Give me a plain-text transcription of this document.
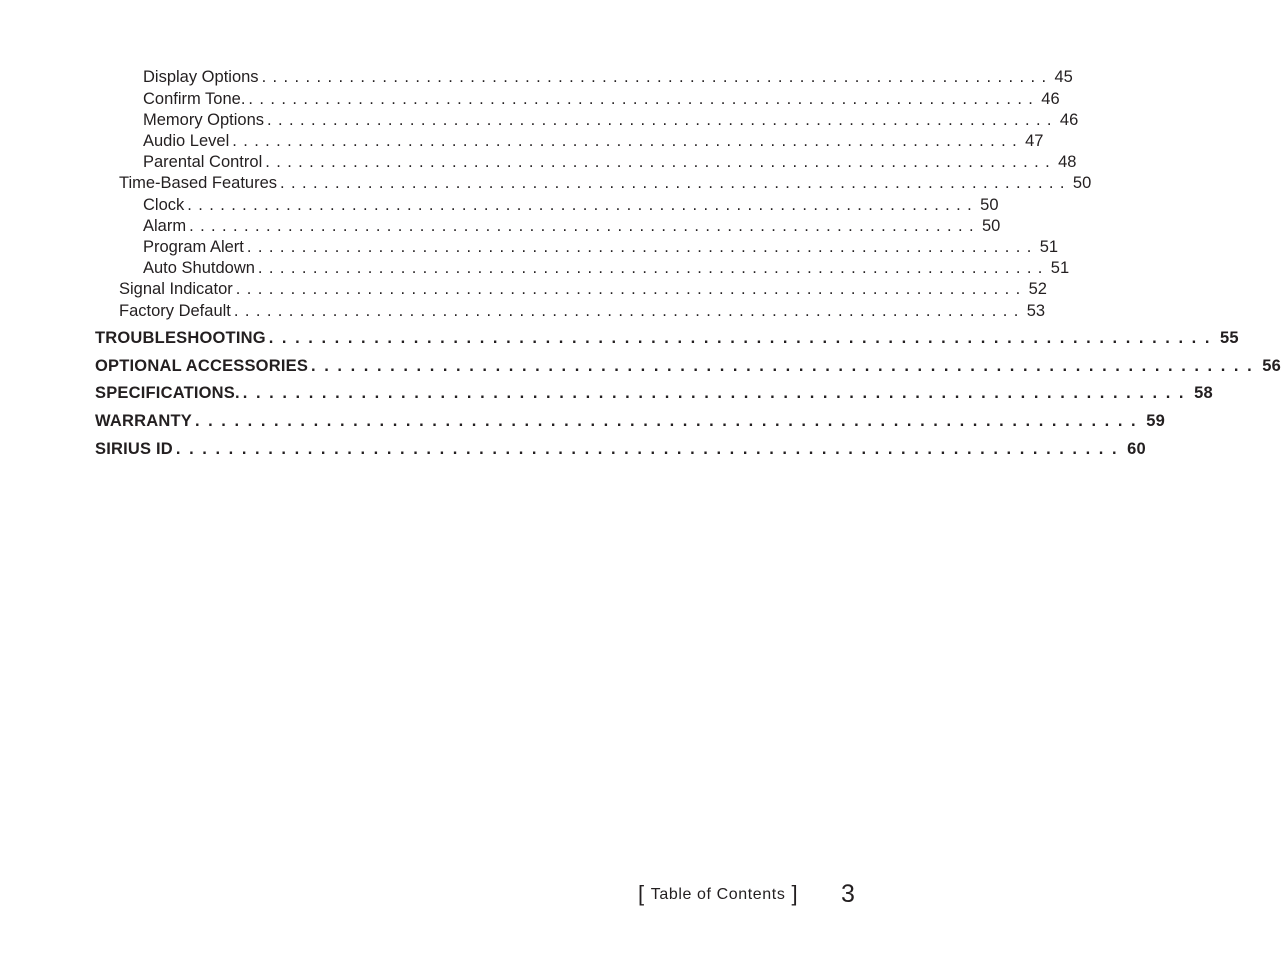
Display Options ........................................................................ 45
Confirm Tone. ........................................................................ 46
Memory Options ........................................................................ 46
Audio Level ........................................................................ 47
Parental Control ........................................................................ 48
Time-Based Features ........................................................................ 50
Clock ........................................................................ 50
Alarm ........................................................................ 50
Program Alert ........................................................................ 51
Auto Shutdown ........................................................................ 51
Signal Indicator ........................................................................ 52
Factory Default ........................................................................ 53
TROUBLESHOOTING ........................................................................ 55
OPTIONAL ACCESSORIES ........................................................................ 56
SPECIFICATIONS. ........................................................................ 58
WARRANTY ........................................................................ 59
SIRIUS ID ........................................................................ 60
[ Table of Contents ] 3
